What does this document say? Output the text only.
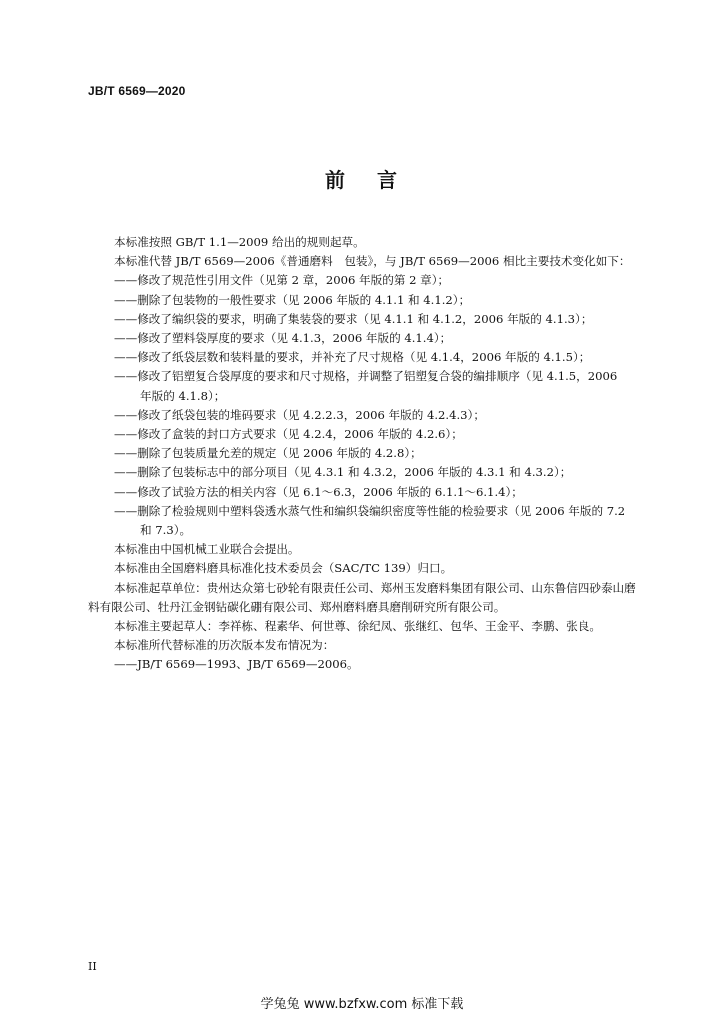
JB/T 6569—2020
前 言

本标准按照 GB/T 1.1—2009 给出的规则起草。

本标准代替 JB/T 6569—2006《普通磨料　包装》，与 JB/T 6569—2006 相比主要技术变化如下：

——修改了规范性引用文件（见第 2 章，2006 年版的第 2 章）；

——删除了包装物的一般性要求（见 2006 年版的 4.1.1 和 4.1.2）；

——修改了编织袋的要求，明确了集装袋的要求（见 4.1.1 和 4.1.2，2006 年版的 4.1.3）；

——修改了塑料袋厚度的要求（见 4.1.3，2006 年版的 4.1.4）；

——修改了纸袋层数和装料量的要求，并补充了尺寸规格（见 4.1.4，2006 年版的 4.1.5）；

——修改了铝塑复合袋厚度的要求和尺寸规格，并调整了铝塑复合袋的编排顺序（见 4.1.5，2006
年版的 4.1.8）；

——修改了纸袋包装的堆码要求（见 4.2.2.3，2006 年版的 4.2.4.3）；

——修改了盒装的封口方式要求（见 4.2.4，2006 年版的 4.2.6）；

——删除了包装质量允差的规定（见 2006 年版的 4.2.8）；

——删除了包装标志中的部分项目（见 4.3.1 和 4.3.2，2006 年版的 4.3.1 和 4.3.2）；

——修改了试验方法的相关内容（见 6.1～6.3，2006 年版的 6.1.1～6.1.4）；

——删除了检验规则中塑料袋透水蒸气性和编织袋编织密度等性能的检验要求（见 2006 年版的 7.2
和 7.3）。

本标准由中国机械工业联合会提出。

本标准由全国磨料磨具标准化技术委员会（SAC/TC 139）归口。

本标准起草单位：贵州达众第七砂轮有限责任公司、郑州玉发磨料集团有限公司、山东鲁信四砂泰山磨料有限公司、牡丹江金钢钻碳化硼有限公司、郑州磨料磨具磨削研究所有限公司。

本标准主要起草人：李祥栋、程素华、何世尊、徐纪凤、张继红、包华、王金平、李鹏、张良。

本标准所代替标准的历次版本发布情况为：

——JB/T 6569—1993、JB/T 6569—2006。

II
学兔兔 www.bzfxw.com 标准下载
